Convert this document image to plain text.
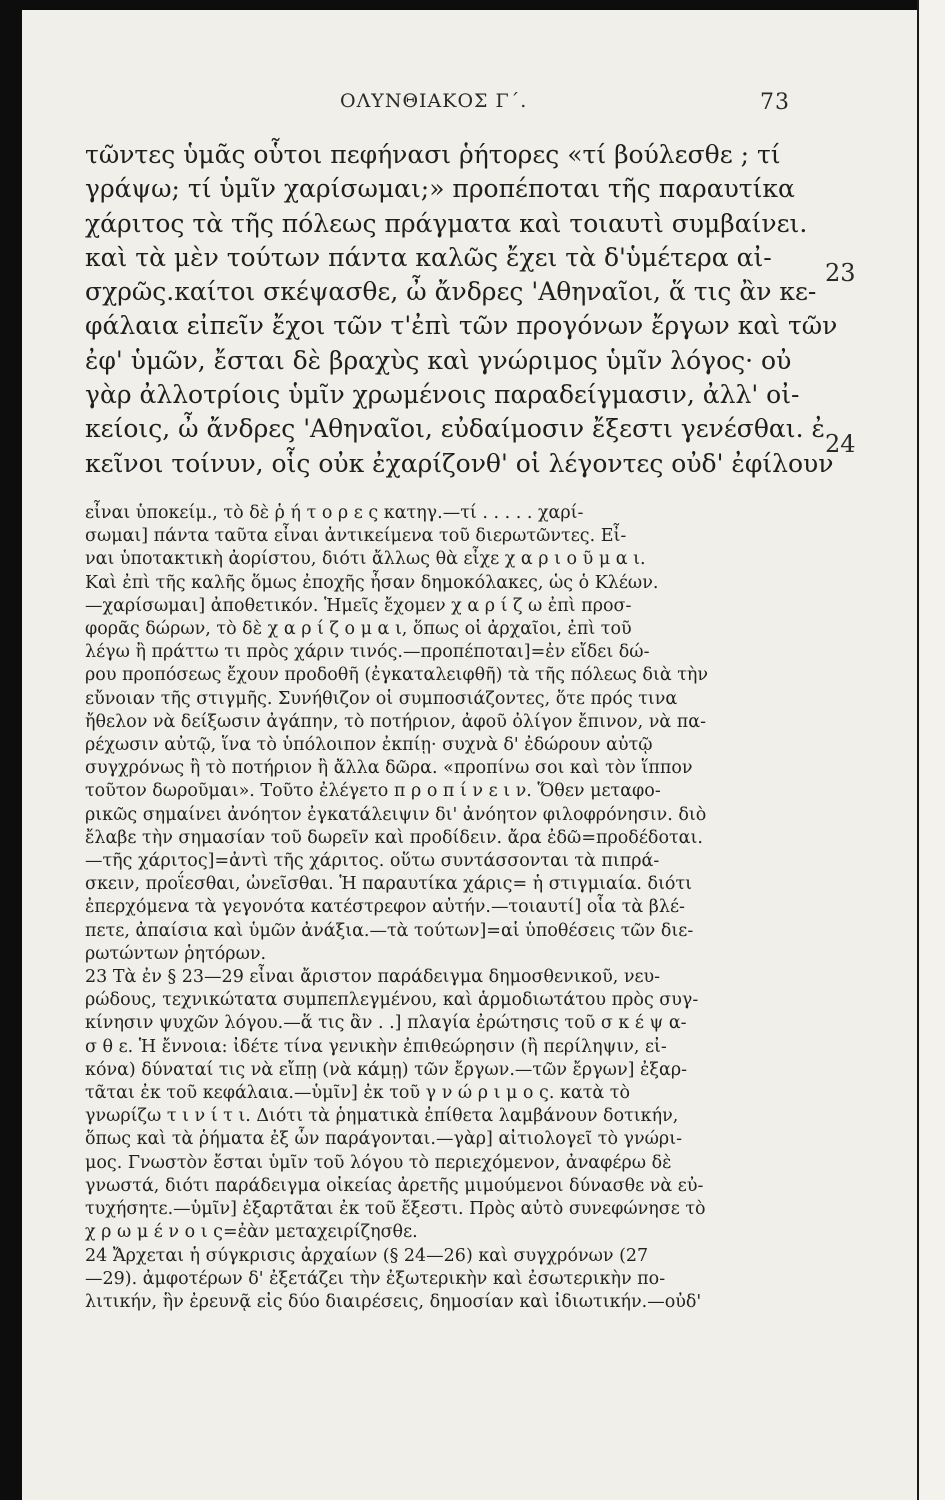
ΟΛΥΝΘΙΑΚΟΣ Γ΄.	73
τῶντες ὑμᾶς οὗτοι πεφήνασι ῥήτορες «τί βούλεσθε ; τί
γράψω; τί ὑμῖν χαρίσωμαι;» προπέποται τῆς παραυτίκα
χάριτος τὰ τῆς πόλεως πράγματα καὶ τοιαυτὶ συμβαίνει.
καὶ τὰ μὲν τούτων πάντα καλῶς ἔχει τὰ δ'ὑμέτερα αἰ-
σχρῶς.καίτοι σκέψασθε, ὦ ἄνδρες 'Αθηναῖοι, ἅ τις ἂν κε-
φάλαια εἰπεῖν ἔχοι τῶν τ'ἐπὶ τῶν προγόνων ἔργων καὶ τῶν
ἐφ' ὑμῶν, ἔσται δὲ βραχὺς καὶ γνώριμος ὑμῖν λόγος· οὐ
γὰρ ἀλλοτρίοις ὑμῖν χρωμένοις παραδείγμασιν, ἀλλ' οἰ-
κείοις, ὦ ἄνδρες 'Αθηναῖοι, εὐδαίμοσιν ἔξεστι γενέσθαι. ἐ
κεῖνοι τοίνυν, οἷς οὐκ ἐχαρίζονθ' οἱ λέγοντες οὐδ' ἐφίλουν
23
24
εἶναι ὑποκείμ., τὸ δὲ ῥ ή τ ο ρ ε ς κατηγ.—τί . . . . . χαρί-
σωμαι] πάντα ταῦτα εἶναι ἀντικείμενα τοῦ διερωτῶντες. Εἶ-
ναι ὑποτακτικὴ ἀορίστου, διότι ἄλλως θὰ εἶχε χ α ρ ι ο ῦ μ α ι.
Καὶ ἐπὶ τῆς καλῆς ὅμως ἐποχῆς ἦσαν δημοκόλακες, ὡς ὁ Κλέων.
—χαρίσωμαι] ἀποθετικόν. Ἡμεῖς ἔχομεν χ α ρ ί ζ ω ἐπὶ προσ-
φορᾶς δώρων, τὸ δὲ χ α ρ ί ζ ο μ α ι, ὅπως οἱ ἀρχαῖοι, ἐπὶ τοῦ
λέγω ἢ πράττω τι πρὸς χάριν τινός.—προπέποται]=ἐν εἴδει δώ-
ρου προπόσεως ἔχουν προδοθῆ (ἐγκαταλειφθῆ) τὰ τῆς πόλεως διὰ τὴν
εὔνοιαν τῆς στιγμῆς. Συνήθιζον οἱ συμποσιάζοντες, ὅτε πρός τινα
ἤθελον νὰ δείξωσιν ἀγάπην, τὸ ποτήριον, ἀφοῦ ὀλίγον ἔπινον, νὰ πα-
ρέχωσιν αὐτῷ, ἵνα τὸ ὑπόλοιπον ἐκπίῃ· συχνὰ δ' ἐδώρουν αὐτῷ
συγχρόνως ἢ τὸ ποτήριον ἢ ἄλλα δῶρα. «προπίνω σοι καὶ τὸν ἵππον
τοῦτον δωροῦμαι». Τοῦτο ἐλέγετο π ρ ο π ί ν ε ι ν. Ὅθεν μεταφο-
ρικῶς σημαίνει ἀνόητον ἐγκατάλειψιν δι' ἀνόητον φιλοφρόνησιν. διὸ
ἔλαβε τὴν σημασίαν τοῦ δωρεῖν καὶ προδίδειν. ἄρα ἐδῶ=προδέδοται.
—τῆς χάριτος]=ἀντὶ τῆς χάριτος. οὕτω συντάσσονται τὰ πιπρά-
σκειν, προΐεσθαι, ὠνεῖσθαι. Ἡ παραυτίκα χάρις= ἡ στιγμιαία. διότι
ἐπερχόμενα τὰ γεγονότα κατέστρεφον αὐτήν.—τοιαυτί] οἷα τὰ βλέ-
πετε, ἀπαίσια καὶ ὑμῶν ἀνάξια.—τὰ τούτων]=αἱ ὑποθέσεις τῶν διε-
ρωτώντων ῥητόρων.
23 Τὰ ἐν § 23—29 εἶναι ἄριστον παράδειγμα δημοσθενικοῦ, νευ-
ρώδους, τεχνικώτατα συμπεπλεγμένου, καὶ ἁρμοδιωτάτου πρὸς συγ-
κίνησιν ψυχῶν λόγου.—ἅ τις ἂν . .] πλαγία ἐρώτησις τοῦ σ κ έ ψ α-
σ θ ε. Ἡ ἔννοια: ἰδέτε τίνα γενικὴν ἐπιθεώρησιν (ἢ περίληψιν, εἰ-
κόνα) δύναταί τις νὰ εἴπῃ (νὰ κάμῃ) τῶν ἔργων.—τῶν ἔργων] ἐξαρ-
τᾶται ἐκ τοῦ κεφάλαια.—ὑμῖν] ἐκ τοῦ γ ν ώ ρ ι μ ο ς. κατὰ τὸ
γνωρίζω τ ι ν ί τ ι. Διότι τὰ ῥηματικὰ ἐπίθετα λαμβάνουν δοτικήν,
ὅπως καὶ τὰ ῥήματα ἐξ ὧν παράγονται.—γὰρ] αἰτιολογεῖ τὸ γνώρι-
μος. Γνωστὸν ἔσται ὑμῖν τοῦ λόγου τὸ περιεχόμενον, ἀναφέρω δὲ
γνωστά, διότι παράδειγμα οἰκείας ἀρετῆς μιμούμενοι δύνασθε νὰ εὐ-
τυχήσητε.—ὑμῖν] ἐξαρτᾶται ἐκ τοῦ ἔξεστι. Πρὸς αὐτὸ συνεφώνησε τὸ
χ ρ ω μ έ ν ο ι ς=ἐὰν μεταχειρίζησθε.
24 Ἄρχεται ἡ σύγκρισις ἀρχαίων (§ 24—26) καὶ συγχρόνων (27
—29). ἀμφοτέρων δ' ἐξετάζει τὴν ἐξωτερικὴν καὶ ἐσωτερικὴν πο-
λιτικήν, ἣν ἐρευνᾷ εἰς δύο διαιρέσεις, δημοσίαν καὶ ἰδιωτικήν.—οὐδ'
